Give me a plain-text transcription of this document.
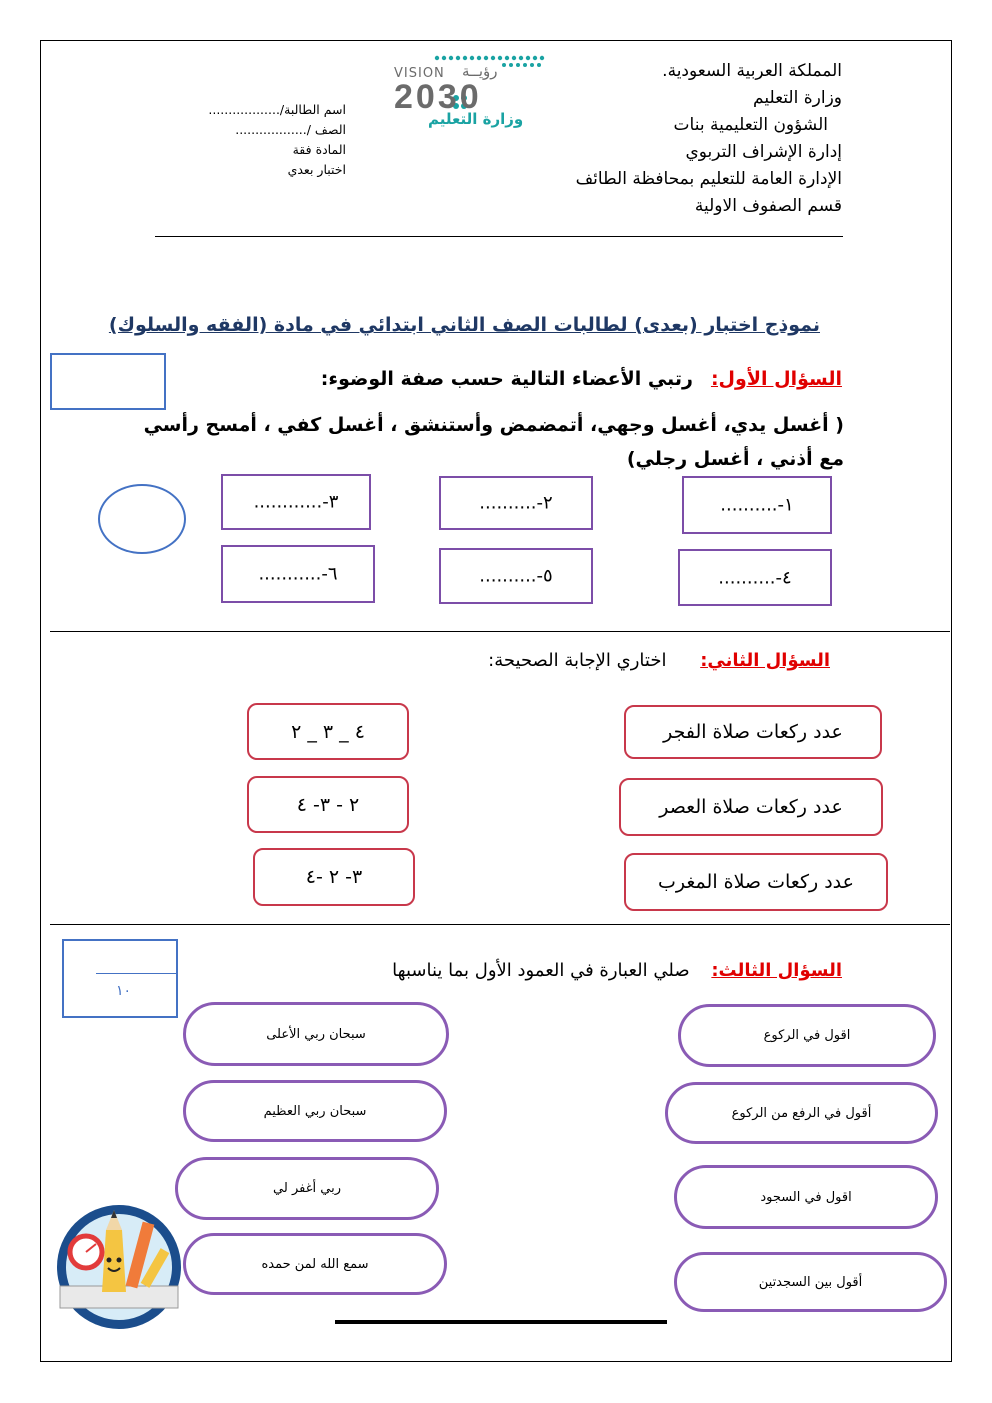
المملكة العربية السعودية.
وزارة التعليم
الشؤون التعليمية بنات
إدارة الإشراف التربوي
الإدارة العامة للتعليم بمحافظة الطائف
قسم الصفوف الاولية
VISION رؤيــة
2030
وزارة التعليم
اسم الطالبة/..................
الصف /..................
المادة فقة
اختبار بعدي
نموذج اختبار (بعدى) لطالبات الصف الثاني ابتدائي في مادة (الفقه والسلوك)
السؤال الأول: رتبي الأعضاء التالية حسب صفة الوضوء:
( أغسل يدي، أغسل وجهي، أتمضمض وأستنشق ، أغسل كفي ، أمسح رأسي
مع أذني ، أغسل رجلي)
١-..........
٢-..........
٣-............
٤-..........
٥-..........
٦-...........
السؤال الثاني: اختاري الإجابة الصحيحة:
عدد ركعات صلاة الفجر
عدد ركعات صلاة العصر
عدد ركعات صلاة المغرب
٤ _ ٣ _ ٢
٢ - ٣- ٤
٣- ٢ -٤
١٠
السؤال الثالث: صلي العبارة في العمود الأول بما يناسبها
اقول في الركوع
أقول في الرفع من الركوع
اقول في السجود
أقول بين السجدتين
سبحان ربي الأعلى
سبحان ربي العظيم
ربي أغفر لي
سمع الله لمن حمده
